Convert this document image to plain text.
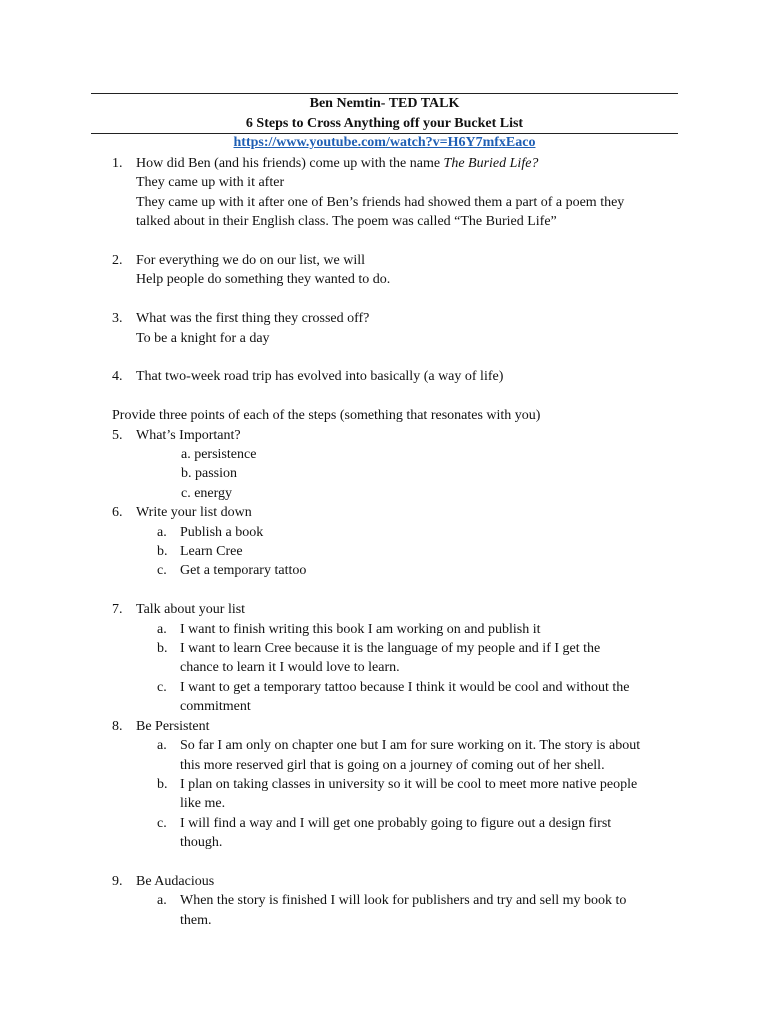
Ben Nemtin- TED TALK
6 Steps to Cross Anything off your Bucket List
https://www.youtube.com/watch?v=H6Y7mfxEaco
1. How did Ben (and his friends) come up with the name The Buried Life?
They came up with it after
They came up with it after one of Ben’s friends had showed them a part of a poem they
talked about in their English class. The poem was called “The Buried Life”
2. For everything we do on our list, we will
Help people do something they wanted to do.
3. What was the first thing they crossed off?
To be a knight for a day
4. That two-week road trip has evolved into basically (a way of life)
Provide three points of each of the steps (something that resonates with you)
5. What’s Important?
a. persistence
b. passion
c. energy
6. Write your list down
a. Publish a book
b. Learn Cree
c. Get a temporary tattoo
7. Talk about your list
a. I want to finish writing this book I am working on and publish it
b. I want to learn Cree because it is the language of my people and if I get the
chance to learn it I would love to learn.
c. I want to get a temporary tattoo because I think it would be cool and without the
commitment
8. Be Persistent
a. So far I am only on chapter one but I am for sure working on it. The story is about
this more reserved girl that is going on a journey of coming out of her shell.
b. I plan on taking classes in university so it will be cool to meet more native people
like me.
c. I will find a way and I will get one probably going to figure out a design first
though.
9. Be Audacious
a. When the story is finished I will look for publishers and try and sell my book to
them.
